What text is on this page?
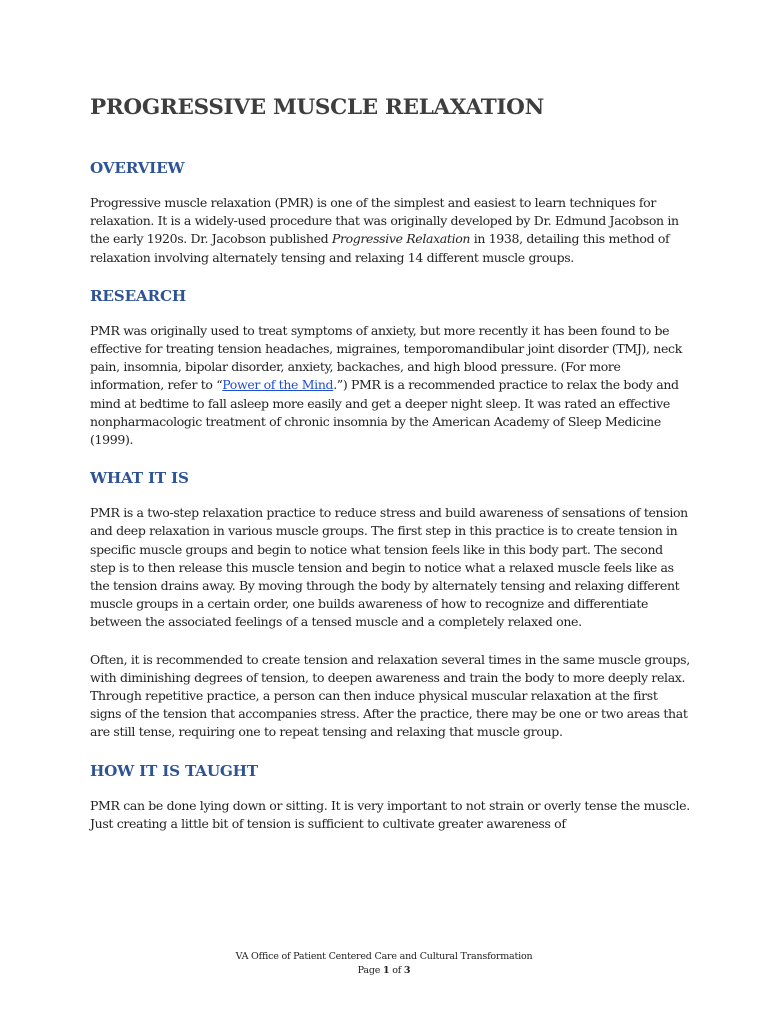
PROGRESSIVE MUSCLE RELAXATION
OVERVIEW

Progressive muscle relaxation (PMR) is one of the simplest and easiest to learn techniques for relaxation. It is a widely-used procedure that was originally developed by Dr. Edmund Jacobson in the early 1920s. Dr. Jacobson published Progressive Relaxation in 1938, detailing this method of relaxation involving alternately tensing and relaxing 14 different muscle groups.

RESEARCH

PMR was originally used to treat symptoms of anxiety, but more recently it has been found to be effective for treating tension headaches, migraines, temporomandibular joint disorder (TMJ), neck pain, insomnia, bipolar disorder, anxiety, backaches, and high blood pressure. (For more information, refer to “Power of the Mind.”) PMR is a recommended practice to relax the body and mind at bedtime to fall asleep more easily and get a deeper night sleep. It was rated an effective nonpharmacologic treatment of chronic insomnia by the American Academy of Sleep Medicine (1999).

WHAT IT IS

PMR is a two-step relaxation practice to reduce stress and build awareness of sensations of tension and deep relaxation in various muscle groups. The first step in this practice is to create tension in specific muscle groups and begin to notice what tension feels like in this body part. The second step is to then release this muscle tension and begin to notice what a relaxed muscle feels like as the tension drains away. By moving through the body by alternately tensing and relaxing different muscle groups in a certain order, one builds awareness of how to recognize and differentiate between the associated feelings of a tensed muscle and a completely relaxed one.

Often, it is recommended to create tension and relaxation several times in the same muscle groups, with diminishing degrees of tension, to deepen awareness and train the body to more deeply relax. Through repetitive practice, a person can then induce physical muscular relaxation at the first signs of the tension that accompanies stress. After the practice, there may be one or two areas that are still tense, requiring one to repeat tensing and relaxing that muscle group.

HOW IT IS TAUGHT

PMR can be done lying down or sitting. It is very important to not strain or overly tense the muscle. Just creating a little bit of tension is sufficient to cultivate greater awareness of

VA Office of Patient Centered Care and Cultural Transformation
Page 1 of 3
